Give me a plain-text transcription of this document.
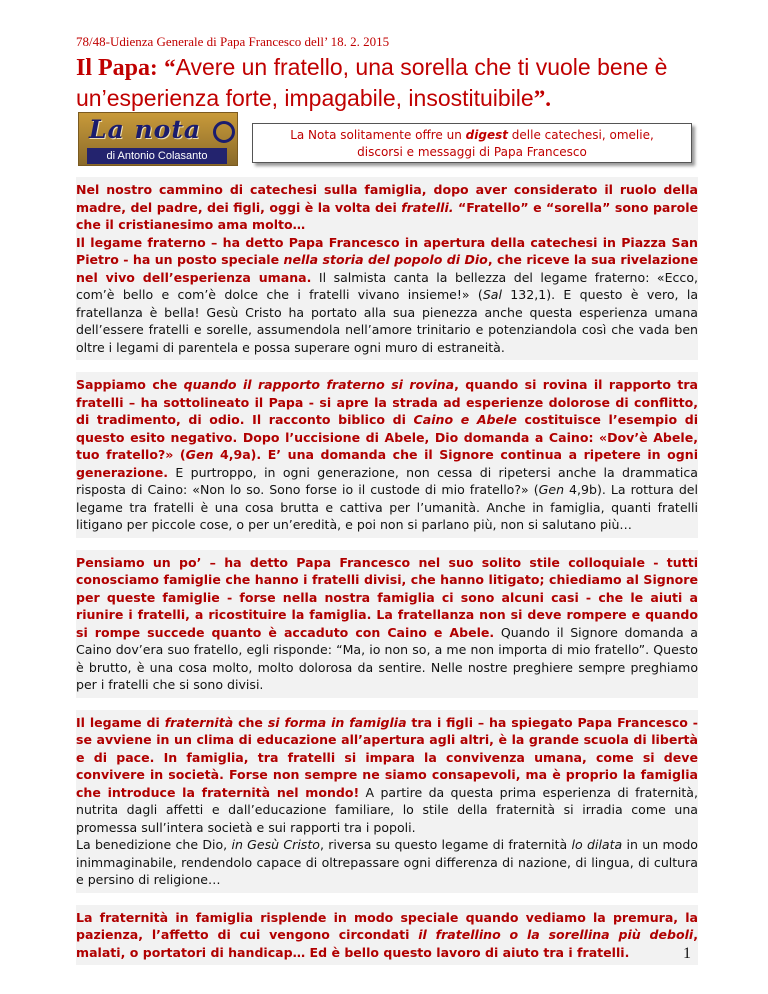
78/48-Udienza Generale di Papa Francesco dell’ 18. 2. 2015
Il Papa: “Avere un fratello, una sorella che ti vuole bene è un’esperienza forte, impagabile, insostituibile”.
La nota
di Antonio Colasanto
La Nota solitamente offre un digest delle catechesi, omelie,
discorsi e messaggi di Papa Francesco
Nel nostro cammino di catechesi sulla famiglia, dopo aver considerato il ruolo della madre, del padre, dei figli, oggi è la volta dei fratelli. “Fratello” e “sorella” sono parole che il cristianesimo ama molto…
Il legame fraterno – ha detto Papa Francesco in apertura della catechesi in Piazza San Pietro - ha un posto speciale nella storia del popolo di Dio, che riceve la sua rivelazione nel vivo dell’esperienza umana. Il salmista canta la bellezza del legame fraterno: «Ecco, com’è bello e com’è dolce che i fratelli vivano insieme!» (Sal 132,1). E questo è vero, la fratellanza è bella! Gesù Cristo ha portato alla sua pienezza anche questa esperienza umana dell’essere fratelli e sorelle, assumendola nell’amore trinitario e potenziandola così che vada ben oltre i legami di parentela e possa superare ogni muro di estraneità.
Sappiamo che quando il rapporto fraterno si rovina, quando si rovina il rapporto tra fratelli – ha sottolineato il Papa - si apre la strada ad esperienze dolorose di conflitto, di tradimento, di odio. Il racconto biblico di Caino e Abele costituisce l’esempio di questo esito negativo. Dopo l’uccisione di Abele, Dio domanda a Caino: «Dov’è Abele, tuo fratello?» (Gen 4,9a). E’ una domanda che il Signore continua a ripetere in ogni generazione. E purtroppo, in ogni generazione, non cessa di ripetersi anche la drammatica risposta di Caino: «Non lo so. Sono forse io il custode di mio fratello?» (Gen 4,9b). La rottura del legame tra fratelli è una cosa brutta e cattiva per l’umanità. Anche in famiglia, quanti fratelli litigano per piccole cose, o per un’eredità, e poi non si parlano più, non si salutano più…
Pensiamo un po’ – ha detto Papa Francesco nel suo solito stile colloquiale - tutti conosciamo famiglie che hanno i fratelli divisi, che hanno litigato; chiediamo al Signore per queste famiglie - forse nella nostra famiglia ci sono alcuni casi - che le aiuti a riunire i fratelli, a ricostituire la famiglia. La fratellanza non si deve rompere e quando si rompe succede quanto è accaduto con Caino e Abele. Quando il Signore domanda a Caino dov’era suo fratello, egli risponde: “Ma, io non so, a me non importa di mio fratello”. Questo è brutto, è una cosa molto, molto dolorosa da sentire. Nelle nostre preghiere sempre preghiamo per i fratelli che si sono divisi.
Il legame di fraternità che si forma in famiglia tra i figli – ha spiegato Papa Francesco - se avviene in un clima di educazione all’apertura agli altri, è la grande scuola di libertà e di pace. In famiglia, tra fratelli si impara la convivenza umana, come si deve convivere in società. Forse non sempre ne siamo consapevoli, ma è proprio la famiglia che introduce la fraternità nel mondo! A partire da questa prima esperienza di fraternità, nutrita dagli affetti e dall’educazione familiare, lo stile della fraternità si irradia come una promessa sull’intera società e sui rapporti tra i popoli.
La benedizione che Dio, in Gesù Cristo, riversa su questo legame di fraternità lo dilata in un modo inimmaginabile, rendendolo capace di oltrepassare ogni differenza di nazione, di lingua, di cultura e persino di religione…
La fraternità in famiglia risplende in modo speciale quando vediamo la premura, la pazienza, l’affetto di cui vengono circondati il fratellino o la sorellina più deboli, malati, o portatori di handicap… Ed è bello questo lavoro di aiuto tra i fratelli.	1
